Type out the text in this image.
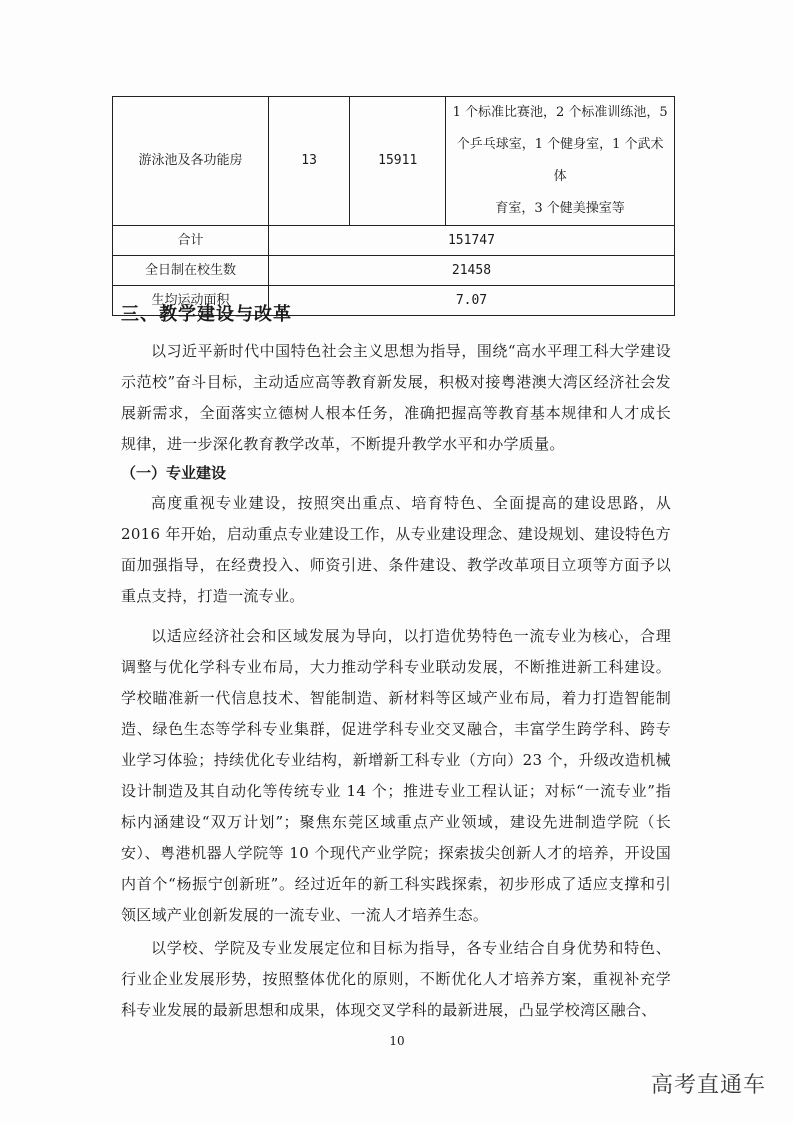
游泳池及各功能房	13	15911	1 个标准比赛池，2 个标准训练池，5
个乒乓球室，1 个健身室，1 个武术体
育室，3 个健美操室等

合计	151747		
全日制在校生数	21458		
生均运动面积	7.07		
三、教学建设与改革
以习近平新时代中国特色社会主义思想为指导，围绕“高水平理工科大学建设示范校”奋斗目标，主动适应高等教育新发展，积极对接粤港澳大湾区经济社会发展新需求，全面落实立德树人根本任务，准确把握高等教育基本规律和人才成长规律，进一步深化教育教学改革，不断提升教学水平和办学质量。
（一）专业建设
高度重视专业建设，按照突出重点、培育特色、全面提高的建设思路，从 2016 年开始，启动重点专业建设工作，从专业建设理念、建设规划、建设特色方面加强指导，在经费投入、师资引进、条件建设、教学改革项目立项等方面予以重点支持，打造一流专业。
以适应经济社会和区域发展为导向，以打造优势特色一流专业为核心，合理调整与优化学科专业布局，大力推动学科专业联动发展，不断推进新工科建设。学校瞄准新一代信息技术、智能制造、新材料等区域产业布局，着力打造智能制造、绿色生态等学科专业集群，促进学科专业交叉融合，丰富学生跨学科、跨专业学习体验；持续优化专业结构，新增新工科专业（方向）23 个，升级改造机械设计制造及其自动化等传统专业 14 个；推进专业工程认证；对标“一流专业”指标内涵建设“双万计划”；聚焦东莞区域重点产业领域，建设先进制造学院（长安）、粤港机器人学院等 10 个现代产业学院；探索拔尖创新人才的培养，开设国内首个“杨振宁创新班”。经过近年的新工科实践探索，初步形成了适应支撑和引领区域产业创新发展的一流专业、一流人才培养生态。
以学校、学院及专业发展定位和目标为指导，各专业结合自身优势和特色、行业企业发展形势，按照整体优化的原则，不断优化人才培养方案，重视补充学科专业发展的最新思想和成果，体现交叉学科的最新进展，凸显学校湾区融合、
10
高考直通车
